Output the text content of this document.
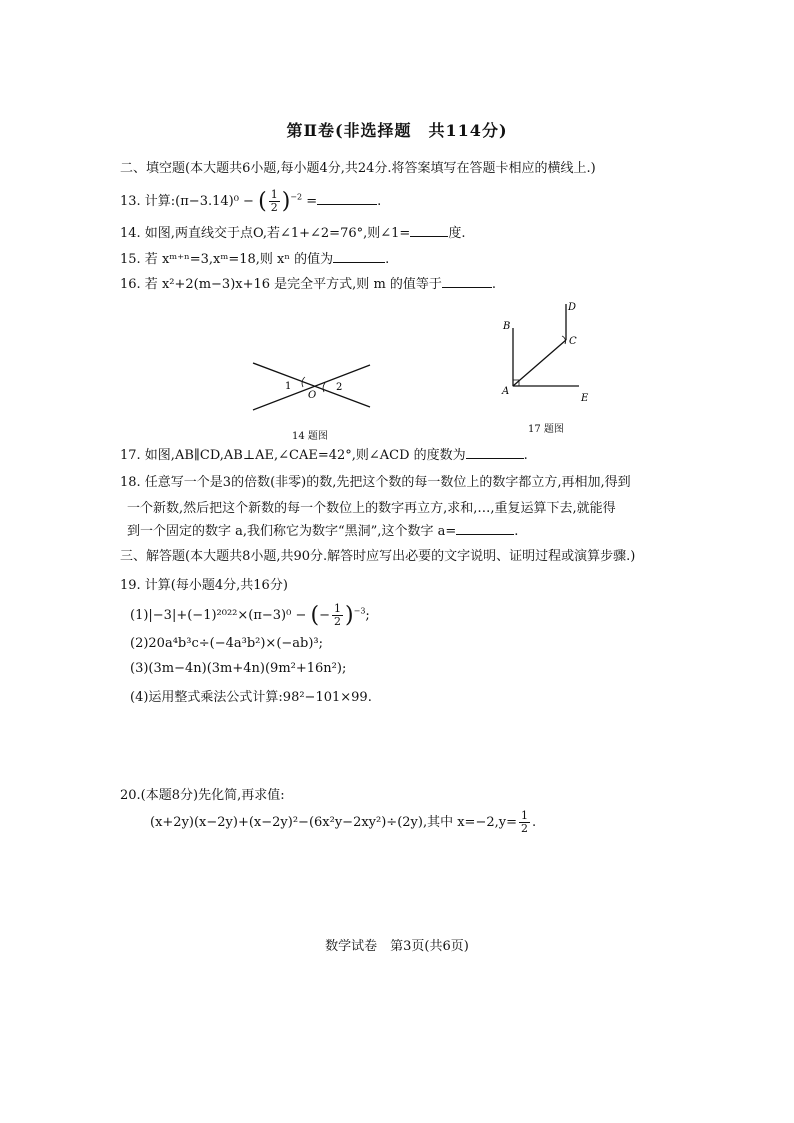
第Ⅱ卷(非选择题　共114分)
二、填空题(本大题共6小题,每小题4分,共24分.将答案填写在答题卡相应的横线上.)
13. 计算:(π−3.14)⁰ − ( $\frac{1}{2} )^{-2}$ =	.
14. 如图,两直线交于点O,若∠1+∠2=76°,则∠1=	度.
15. 若 xᵐ⁺ⁿ=3,xᵐ=18,则 xⁿ 的值为	.
16. 若 x²+2(m−3)x+16 是完全平方式,则 m 的值等于	.
1	2
O
14 题图
A
B
C
D
E
17 题图
17. 如图,AB∥CD,AB⊥AE,∠CAE=42°,则∠ACD 的度数为	.
18. 任意写一个是3的倍数(非零)的数,先把这个数的每一数位上的数字都立方,再相加,得到
一个新数,然后把这个新数的每一个数位上的数字再立方,求和,…,重复运算下去,就能得
到一个固定的数字 a,我们称它为数字“黑洞”,这个数字 a=	.
三、解答题(本大题共8小题,共90分.解答时应写出必要的文字说明、证明过程或演算步骤.)
19. 计算(每小题4分,共16分)
(1)|−3|+(−1)²⁰²²×(π−3)⁰ − (− $\frac{1}{2} )^{-3}$;
(2)20a⁴b³c÷(−4a³b²)×(−ab)³;
(3)(3m−4n)(3m+4n)(9m²+16n²);
(4)运用整式乘法公式计算:98²−101×99.
20.(本题8分)先化简,再求值:
(x+2y)(x−2y)+(x−2y)²−(6x²y−2xy²)÷(2y),其中 $x=-2,y= \frac{1}{2}$ .
数学试卷　第3页(共6页)
